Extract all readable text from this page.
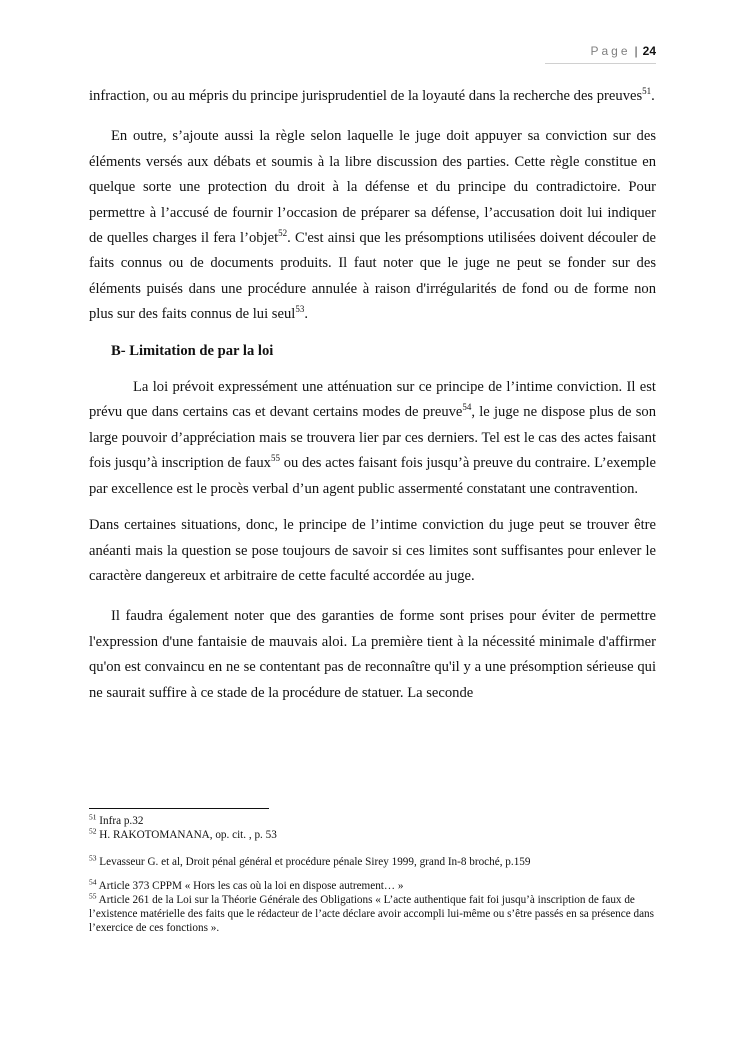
Page | 24

infraction, ou au mépris du principe jurisprudentiel de la loyauté dans la recherche des preuves$^{51}$.

En outre, s’ajoute aussi la règle selon laquelle le juge doit appuyer sa conviction sur des éléments versés aux débats et soumis à la libre discussion des parties. Cette règle constitue en quelque sorte une protection du droit à la défense et du principe du contradictoire. Pour permettre à l’accusé de fournir l’occasion de préparer sa défense, l’accusation doit lui indiquer de quelles charges il fera l’objet$^{52}$. C'est ainsi que les présomptions utilisées doivent découler de faits connus ou de documents produits. Il faut noter que le juge ne peut se fonder sur des éléments puisés dans une procédure annulée à raison d'irrégularités de fond ou de forme non plus sur des faits connus de lui seul$^{53}$.

B- Limitation de par la loi

La loi prévoit expressément une atténuation sur ce principe de l’intime conviction. Il est prévu que dans certains cas et devant certains modes de preuve$^{54}$, le juge ne dispose plus de son large pouvoir d’appréciation mais se trouvera lier par ces derniers. Tel est le cas des actes faisant fois jusqu’à inscription de faux$^{55}$ ou des actes faisant fois jusqu’à preuve du contraire. L’exemple par excellence est le procès verbal d’un agent public assermenté constatant une contravention.

Dans certaines situations, donc, le principe de l’intime conviction du juge peut se trouver être anéanti mais la question se pose toujours de savoir si ces limites sont suffisantes pour enlever le caractère dangereux et arbitraire de cette faculté accordée au juge.

Il faudra également noter que des garanties de forme sont prises pour éviter de permettre l'expression d'une fantaisie de mauvais aloi. La première tient à la nécessité minimale d'affirmer qu'on est convaincu en ne se contentant pas de reconnaître qu'il y a une présomption sérieuse qui ne saurait suffire à ce stade de la procédure de statuer. La seconde

$^{51}$ Infra p.32

$^{52}$ H. RAKOTOMANANA, op. cit. , p. 53

$^{53}$ Levasseur G. et al, Droit pénal général et procédure pénale Sirey 1999, grand In-8 broché, p.159

$^{54}$ Article 373 CPPM « Hors les cas où la loi en dispose autrement… »

$^{55}$ Article 261 de la Loi sur la Théorie Générale des Obligations « L’acte authentique fait foi jusqu’à inscription de faux de l’existence matérielle des faits que le rédacteur de l’acte déclare avoir accompli lui-même ou s’être passés en sa présence dans l’exercice de ces fonctions ».
